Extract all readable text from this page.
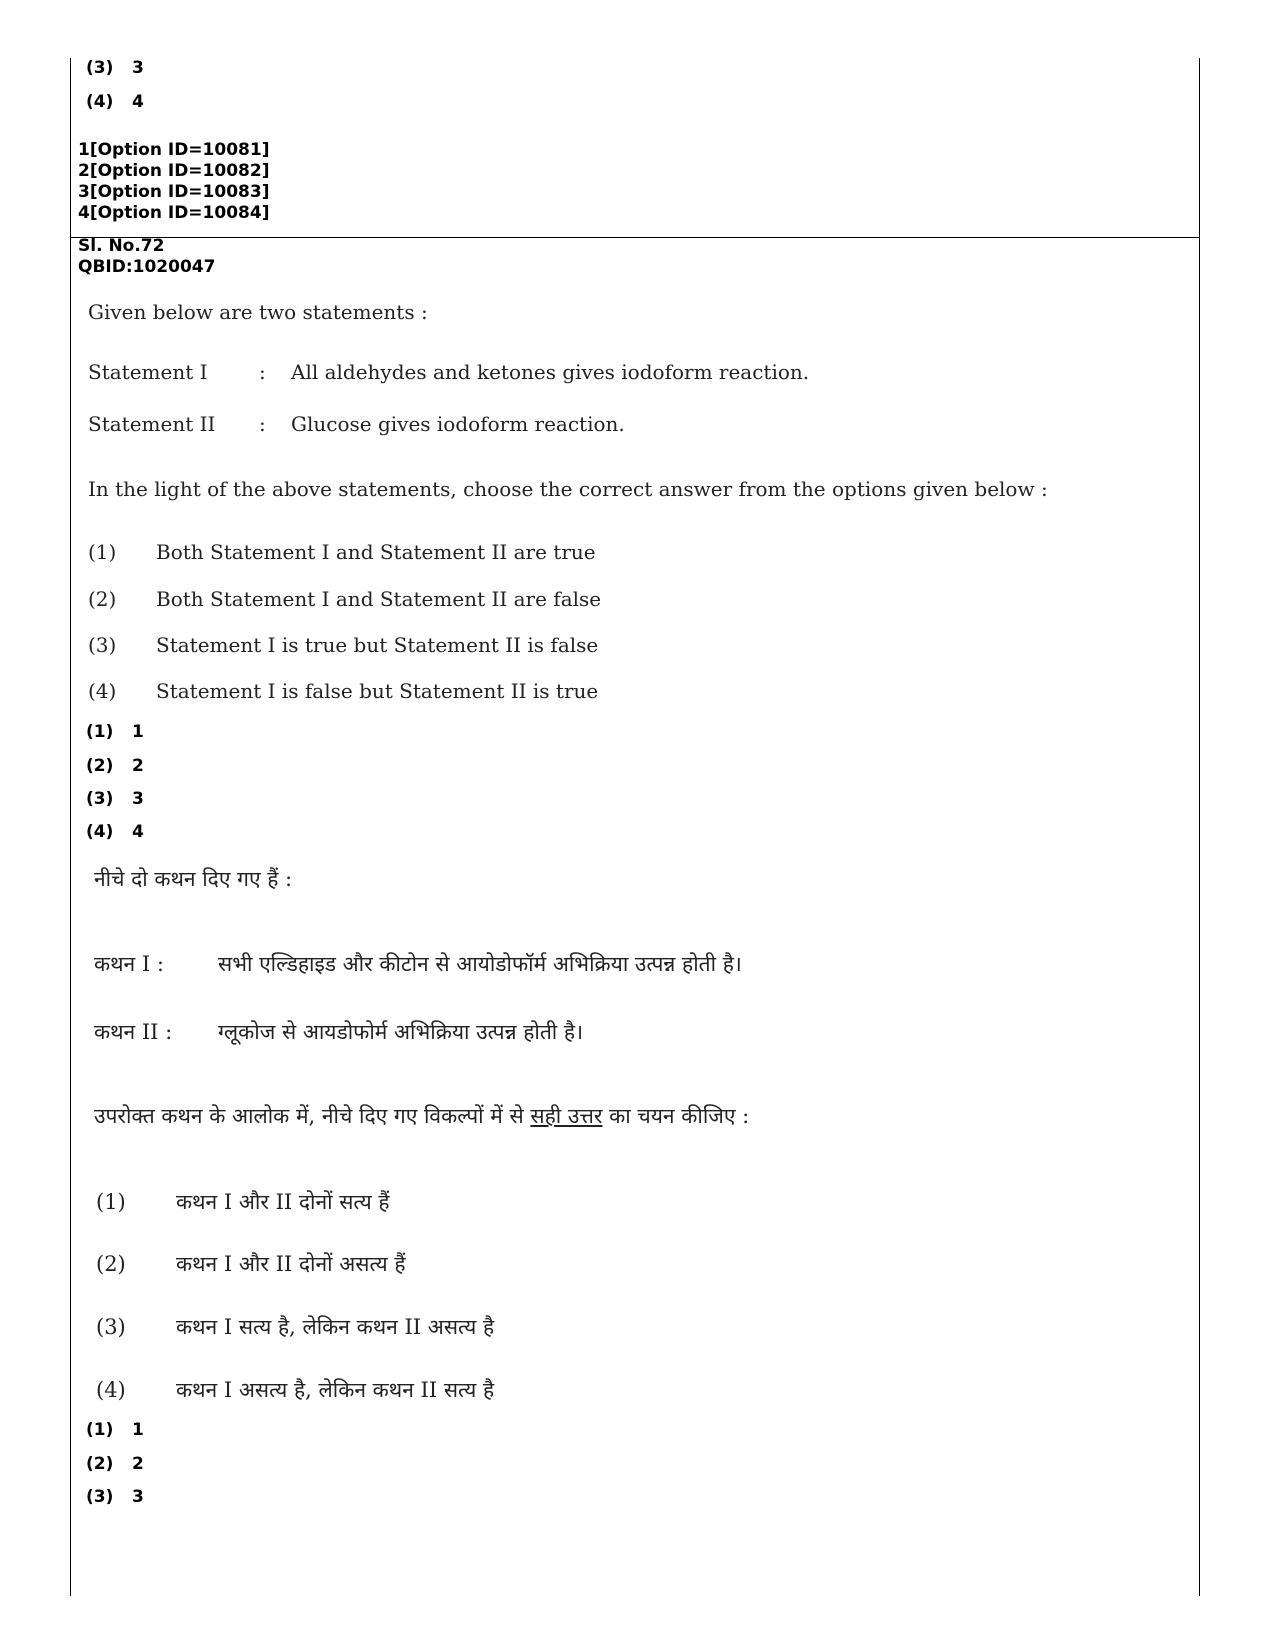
(3) 3
(4) 4
1[Option ID=10081]
2[Option ID=10082]
3[Option ID=10083]
4[Option ID=10084]
Sl. No.72
QBID:1020047
Given below are two statements :
Statement I	: All aldehydes and ketones gives iodoform reaction.
Statement II : Glucose gives iodoform reaction.
In the light of the above statements, choose the correct answer from the options given below :
(1) Both Statement I and Statement II are true
(2) Both Statement I and Statement II are false
(3) Statement I is true but Statement II is false
(4) Statement I is false but Statement II is true
(1) 1
(2) 2
(3) 3
(4) 4
नीचे दो कथन दिए गए हैं :
कथन I :	सभी एल्डिहाइड और कीटोन से आयोडोफॉर्म अभिक्रिया उत्पन्न होती है।
कथन II : ग्लूकोज से आयडोफोर्म अभिक्रिया उत्पन्न होती है।
उपरोक्त कथन के आलोक में, नीचे दिए गए विकल्पों में से सही उत्तर का चयन कीजिए :
(1) कथन I और II दोनों सत्य हैं
(2) कथन I और II दोनों असत्य हैं
(3) कथन I सत्य है, लेकिन कथन II असत्य है
(4) कथन I असत्य है, लेकिन कथन II सत्य है
(1) 1
(2) 2
(3) 3
